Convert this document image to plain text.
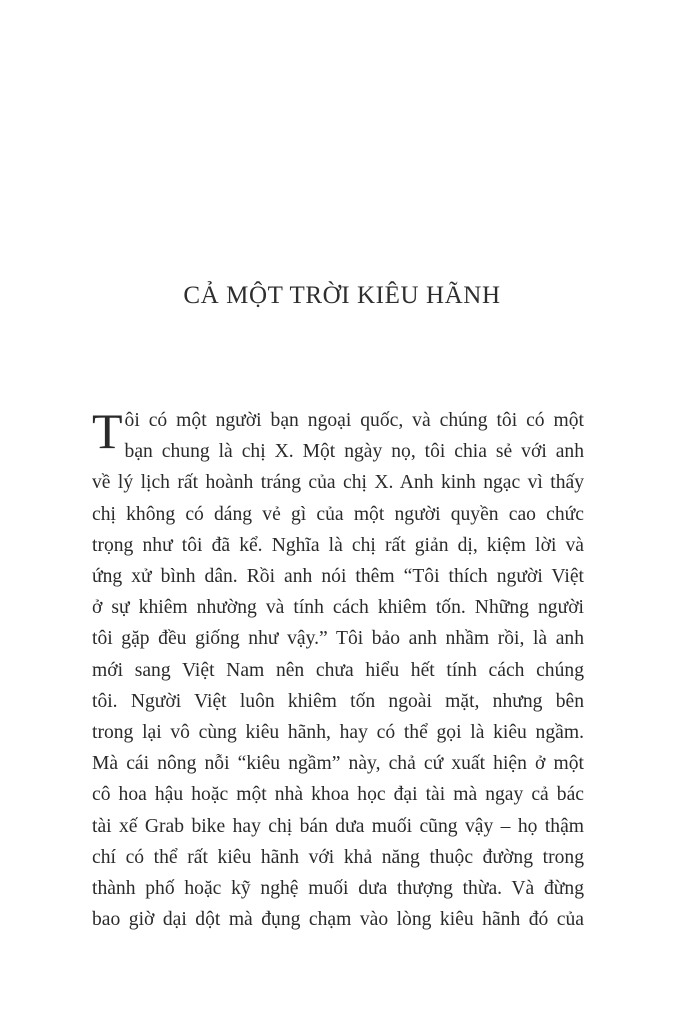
CẢ MỘT TRỜI KIÊU HÃNH
T ôi có một người bạn ngoại quốc, và chúng tôi có một
bạn chung là chị X. Một ngày nọ, tôi chia sẻ với anh
về lý lịch rất hoành tráng của chị X. Anh kinh ngạc vì thấy
chị không có dáng vẻ gì của một người quyền cao chức
trọng như tôi đã kể. Nghĩa là chị rất giản dị, kiệm lời và
ứng xử bình dân. Rồi anh nói thêm “Tôi thích người Việt
ở sự khiêm nhường và tính cách khiêm tốn. Những người
tôi gặp đều giống như vậy.” Tôi bảo anh nhầm rồi, là anh
mới sang Việt Nam nên chưa hiểu hết tính cách chúng
tôi. Người Việt luôn khiêm tốn ngoài mặt, nhưng bên
trong lại vô cùng kiêu hãnh, hay có thể gọi là kiêu ngầm.
Mà cái nông nỗi “kiêu ngầm” này, chả cứ xuất hiện ở một
cô hoa hậu hoặc một nhà khoa học đại tài mà ngay cả bác
tài xế Grab bike hay chị bán dưa muối cũng vậy – họ thậm
chí có thể rất kiêu hãnh với khả năng thuộc đường trong
thành phố hoặc kỹ nghệ muối dưa thượng thừa. Và đừng
bao giờ dại dột mà đụng chạm vào lòng kiêu hãnh đó của
